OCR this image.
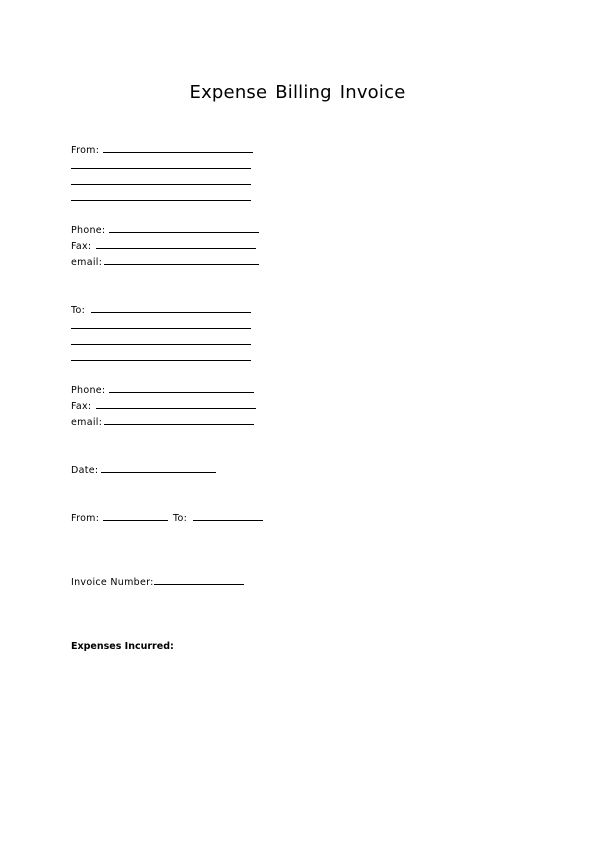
Expense Billing Invoice
From:
Phone:
Fax:
email:
To:
Phone:
Fax:
email:
Date:
From:	To:
Invoice Number:
Expenses Incurred:
